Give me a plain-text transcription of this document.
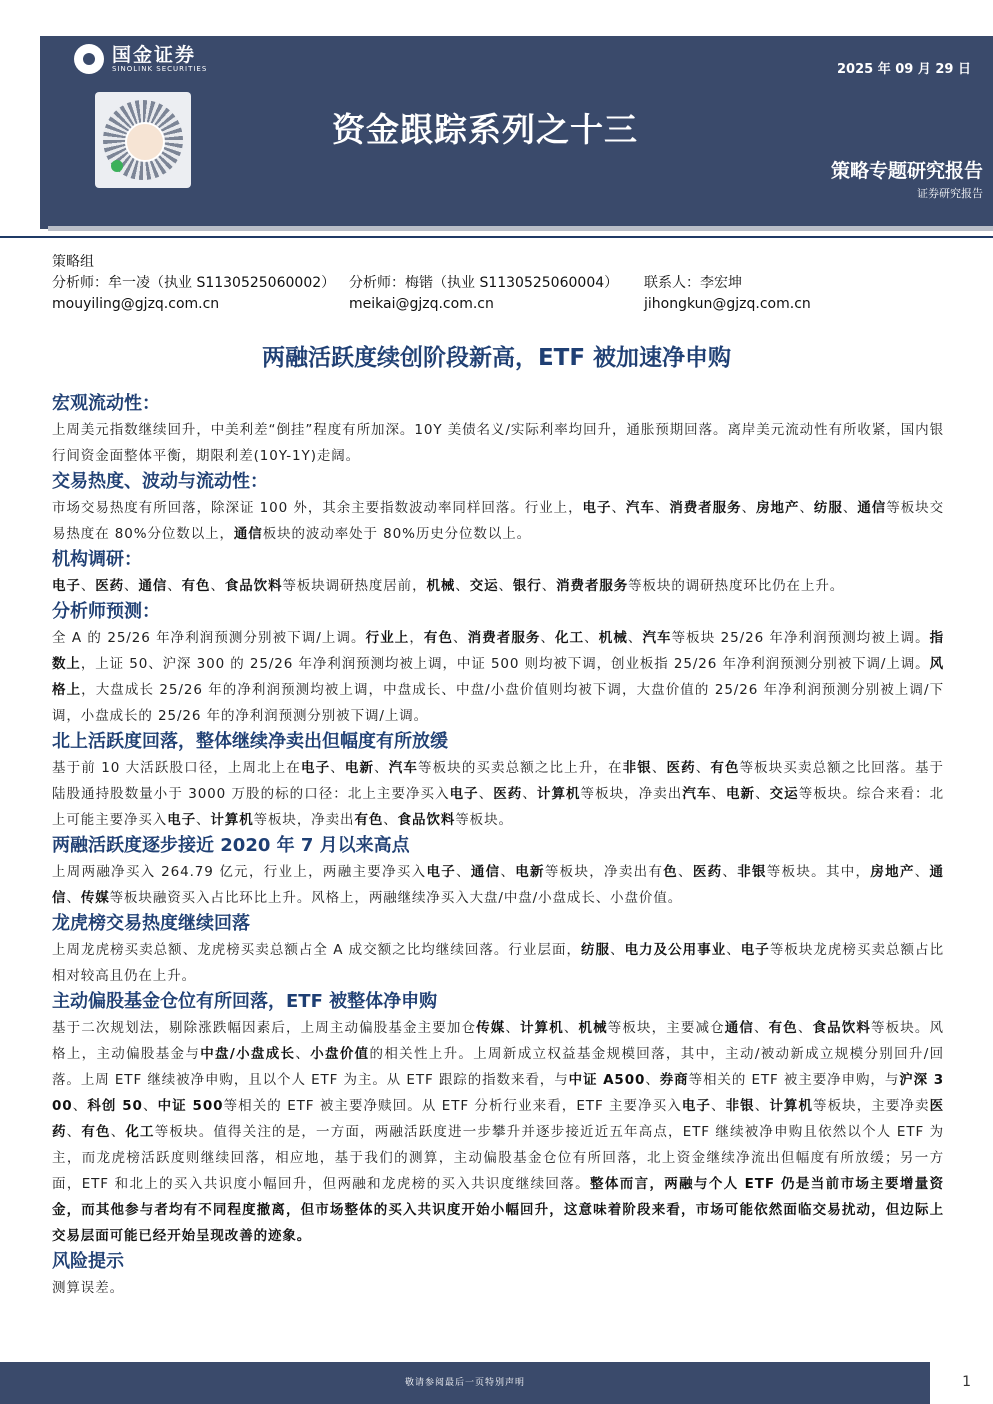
国金证券
SINOLINK SECURITIES	2025 年 09 月 29 日
资金跟踪系列之十三
策略专题研究报告
证券研究报告
策略组
分析师：牟一凌（执业 S1130525060002） 分析师：梅锴（执业 S1130525060004）	联系人：李宏坤
mouyiling@gjzq.com.cn	meikai@gjzq.com.cn	jihongkun@gjzq.com.cn
两融活跃度续创阶段新高，ETF 被加速净申购
宏观流动性：
上周美元指数继续回升，中美利差“倒挂”程度有所加深。10Y 美债名义/实际利率均回升，通胀预期回落。离岸美元流动性有所收紧，国内银行间资金面整体平衡，期限利差(10Y-1Y)走阔。
交易热度、波动与流动性：
市场交易热度有所回落，除深证 100 外，其余主要指数波动率同样回落。行业上，电子、汽车、消费者服务、房地产、纺服、通信等板块交易热度在 80%分位数以上，通信板块的波动率处于 80%历史分位数以上。
机构调研：
电子、医药、通信、有色、食品饮料等板块调研热度居前，机械、交运、银行、消费者服务等板块的调研热度环比仍在上升。
分析师预测：
全 A 的 25/26 年净利润预测分别被下调/上调。行业上，有色、消费者服务、化工、机械、汽车等板块 25/26 年净利润预测均被上调。指数上，上证 50、沪深 300 的 25/26 年净利润预测均被上调，中证 500 则均被下调，创业板指 25/26 年净利润预测分别被下调/上调。风格上，大盘成长 25/26 年的净利润预测均被上调，中盘成长、中盘/小盘价值则均被下调，大盘价值的 25/26 年净利润预测分别被上调/下调，小盘成长的 25/26 年的净利润预测分别被下调/上调。
北上活跃度回落，整体继续净卖出但幅度有所放缓
基于前 10 大活跃股口径，上周北上在电子、电新、汽车等板块的买卖总额之比上升，在非银、医药、有色等板块买卖总额之比回落。基于陆股通持股数量小于 3000 万股的标的口径：北上主要净买入电子、医药、计算机等板块，净卖出汽车、电新、交运等板块。综合来看：北上可能主要净买入电子、计算机等板块，净卖出有色、食品饮料等板块。
两融活跃度逐步接近 2020 年 7 月以来高点
上周两融净买入 264.79 亿元，行业上，两融主要净买入电子、通信、电新等板块，净卖出有色、医药、非银等板块。其中，房地产、通信、传媒等板块融资买入占比环比上升。风格上，两融继续净买入大盘/中盘/小盘成长、小盘价值。
龙虎榜交易热度继续回落
上周龙虎榜买卖总额、龙虎榜买卖总额占全 A 成交额之比均继续回落。行业层面，纺服、电力及公用事业、电子等板块龙虎榜买卖总额占比相对较高且仍在上升。
主动偏股基金仓位有所回落，ETF 被整体净申购
基于二次规划法，剔除涨跌幅因素后，上周主动偏股基金主要加仓传媒、计算机、机械等板块，主要减仓通信、有色、食品饮料等板块。风格上，主动偏股基金与中盘/小盘成长、小盘价值的相关性上升。上周新成立权益基金规模回落，其中，主动/被动新成立规模分别回升/回落。上周 ETF 继续被净申购，且以个人 ETF 为主。从 ETF 跟踪的指数来看，与中证 A500、券商等相关的 ETF 被主要净申购，与沪深 300、科创 50、中证 500等相关的 ETF 被主要净赎回。从 ETF 分析行业来看，ETF 主要净买入电子、非银、计算机等板块，主要净卖医药、有色、化工等板块。值得关注的是，一方面，两融活跃度进一步攀升并逐步接近近五年高点，ETF 继续被净申购且依然以个人 ETF 为主，而龙虎榜活跃度则继续回落，相应地，基于我们的测算，主动偏股基金仓位有所回落，北上资金继续净流出但幅度有所放缓；另一方面，ETF 和北上的买入共识度小幅回升，但两融和龙虎榜的买入共识度继续回落。整体而言，两融与个人 ETF 仍是当前市场主要增量资金，而其他参与者均有不同程度撤离，但市场整体的买入共识度开始小幅回升，这意味着阶段来看，市场可能依然面临交易扰动，但边际上交易层面可能已经开始呈现改善的迹象。
风险提示
测算误差。
敬请参阅最后一页特别声明	1
